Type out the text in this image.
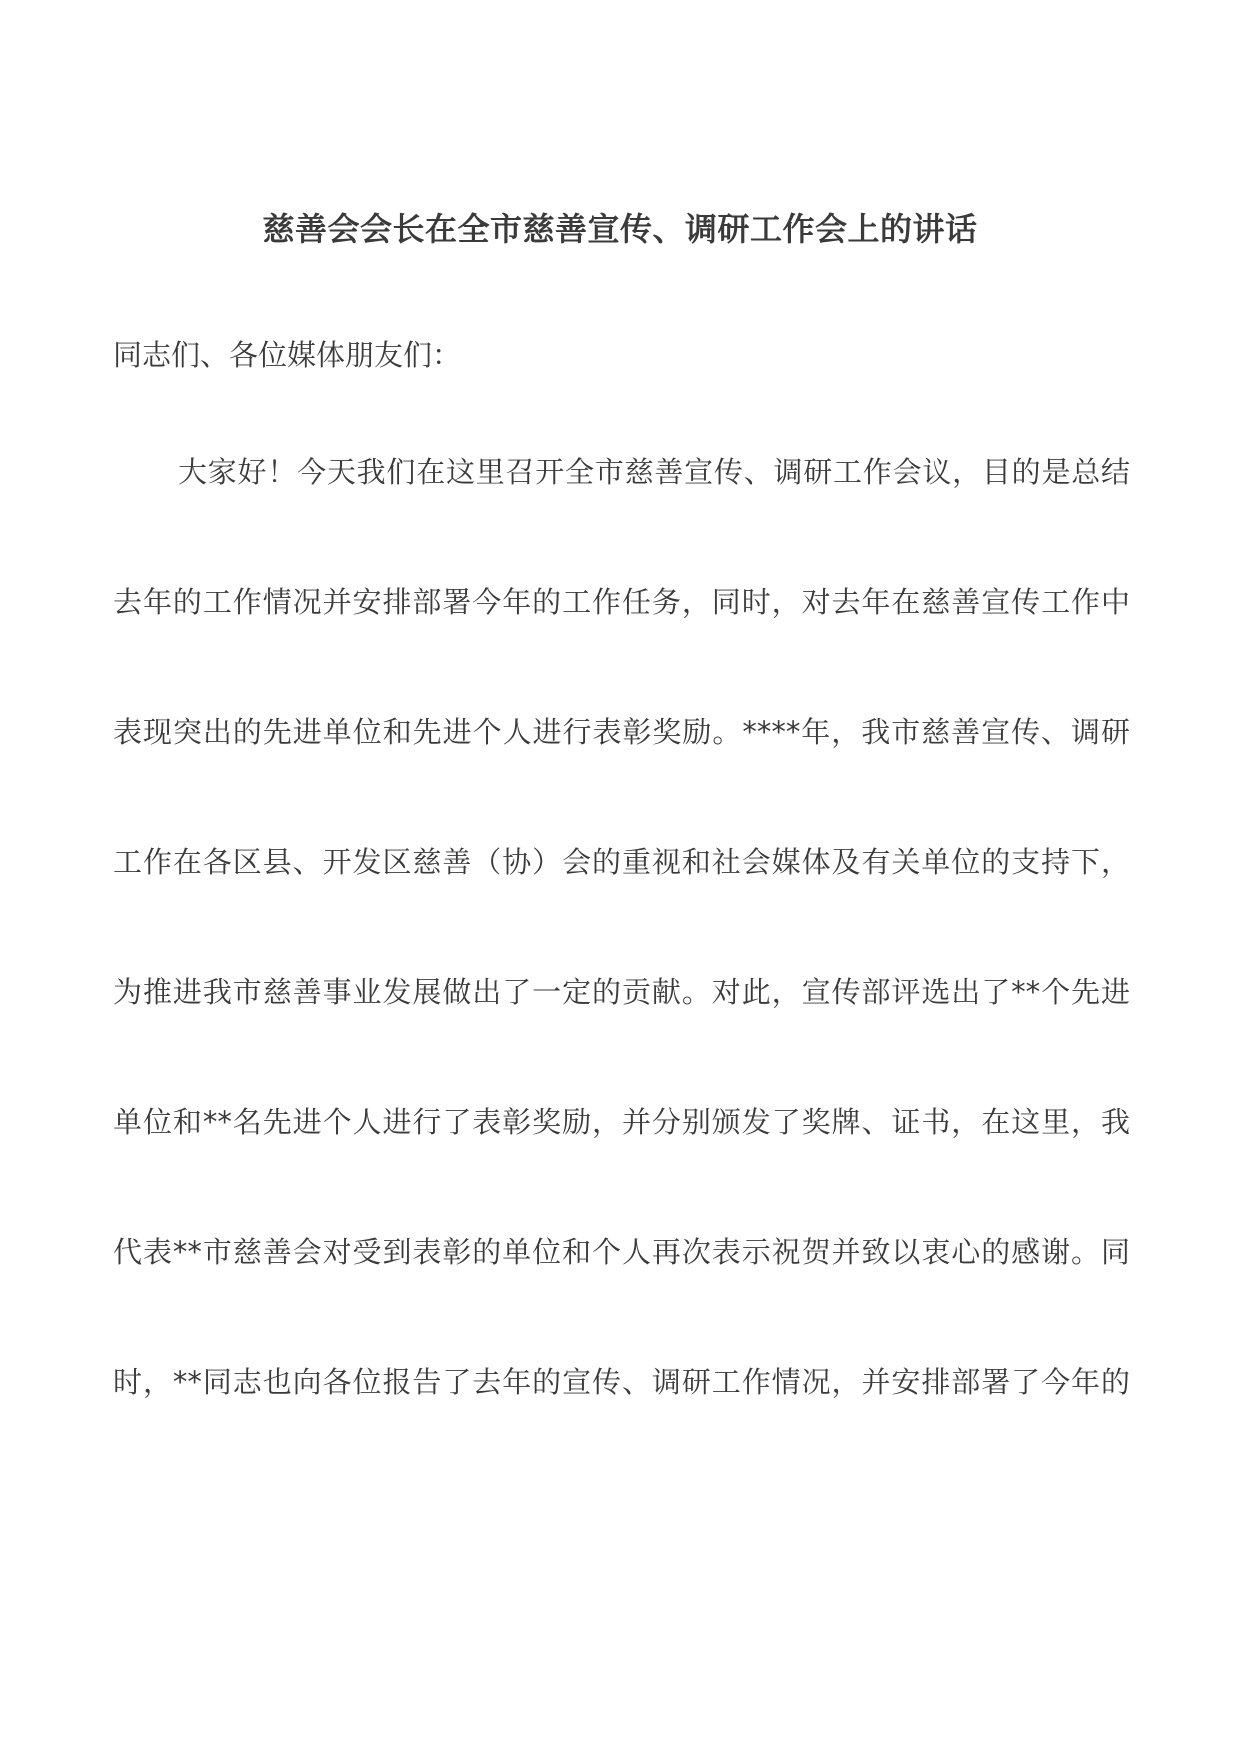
慈善会会长在全市慈善宣传、调研工作会上的讲话
同志们、各位媒体朋友们：
大家好！今天我们在这里召开全市慈善宣传、调研工作会议，目的是总结
去年的工作情况并安排部署今年的工作任务，同时，对去年在慈善宣传工作中
表现突出的先进单位和先进个人进行表彰奖励。****年，我市慈善宣传、调研
工作在各区县、开发区慈善（协）会的重视和社会媒体及有关单位的支持下，
为推进我市慈善事业发展做出了一定的贡献。对此，宣传部评选出了**个先进
单位和**名先进个人进行了表彰奖励，并分别颁发了奖牌、证书，在这里，我
代表**市慈善会对受到表彰的单位和个人再次表示祝贺并致以衷心的感谢。同
时，**同志也向各位报告了去年的宣传、调研工作情况，并安排部署了今年的
